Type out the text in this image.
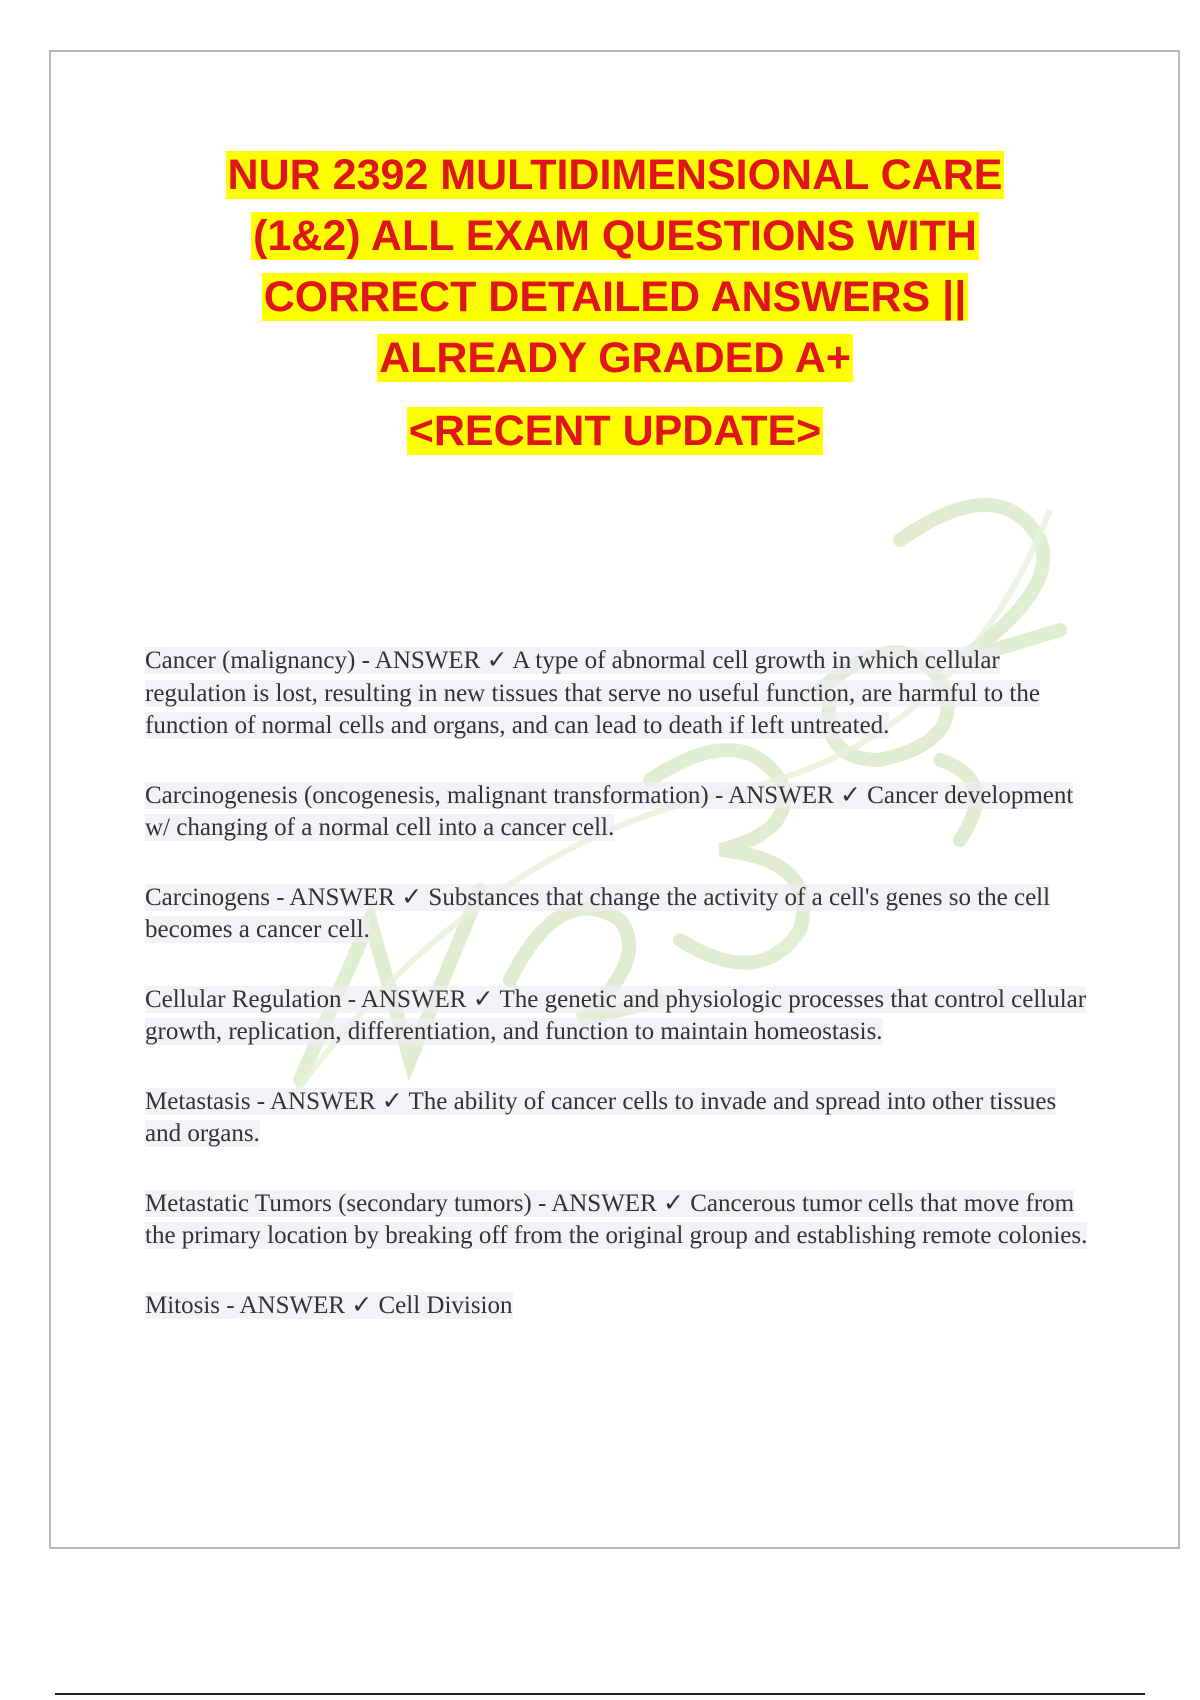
NUR 2392 MULTIDIMENSIONAL CARE
(1&2) ALL EXAM QUESTIONS WITH
CORRECT DETAILED ANSWERS ||
ALREADY GRADED A+
<RECENT UPDATE>
Cancer (malignancy) - ANSWER ✓ A type of abnormal cell growth in which cellular regulation is lost, resulting in new tissues that serve no useful function, are harmful to the function of normal cells and organs, and can lead to death if left untreated.
Carcinogenesis (oncogenesis, malignant transformation) - ANSWER ✓ Cancer development w/ changing of a normal cell into a cancer cell.
Carcinogens - ANSWER ✓ Substances that change the activity of a cell's genes so the cell becomes a cancer cell.
Cellular Regulation - ANSWER ✓ The genetic and physiologic processes that control cellular growth, replication, differentiation, and function to maintain homeostasis.
Metastasis - ANSWER ✓ The ability of cancer cells to invade and spread into other tissues and organs.
Metastatic Tumors (secondary tumors) - ANSWER ✓ Cancerous tumor cells that move from the primary location by breaking off from the original group and establishing remote colonies.
Mitosis - ANSWER ✓ Cell Division
